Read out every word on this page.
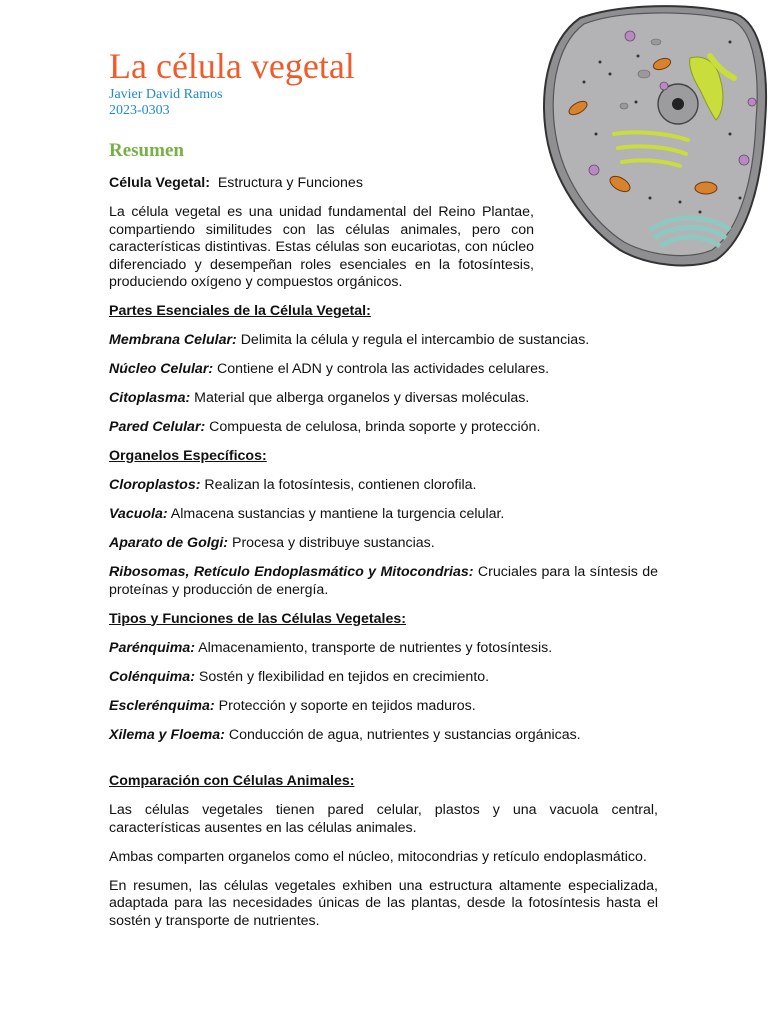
La célula vegetal
Javier David Ramos
2023-0303
Resumen

Célula Vegetal: Estructura y Funciones

La célula vegetal es una unidad fundamental del Reino Plantae, compartiendo similitudes con las células animales, pero con características distintivas. Estas células son eucariotas, con núcleo diferenciado y desempeñan roles esenciales en la fotosíntesis, produciendo oxígeno y compuestos orgánicos.

Partes Esenciales de la Célula Vegetal:

Membrana Celular: Delimita la célula y regula el intercambio de sustancias.

Núcleo Celular: Contiene el ADN y controla las actividades celulares.

Citoplasma: Material que alberga organelos y diversas moléculas.

Pared Celular: Compuesta de celulosa, brinda soporte y protección.

Organelos Específicos:

Cloroplastos: Realizan la fotosíntesis, contienen clorofila.

Vacuola: Almacena sustancias y mantiene la turgencia celular.

Aparato de Golgi: Procesa y distribuye sustancias.

Ribosomas, Retículo Endoplasmático y Mitocondrias: Cruciales para la síntesis de proteínas y producción de energía.

Tipos y Funciones de las Células Vegetales:

Parénquima: Almacenamiento, transporte de nutrientes y fotosíntesis.

Colénquima: Sostén y flexibilidad en tejidos en crecimiento.

Esclerénquima: Protección y soporte en tejidos maduros.

Xilema y Floema: Conducción de agua, nutrientes y sustancias orgánicas.

Comparación con Células Animales:

Las células vegetales tienen pared celular, plastos y una vacuola central, características ausentes en las células animales.

Ambas comparten organelos como el núcleo, mitocondrias y retículo endoplasmático.

En resumen, las células vegetales exhiben una estructura altamente especializada, adaptada para las necesidades únicas de las plantas, desde la fotosíntesis hasta el sostén y transporte de nutrientes.
